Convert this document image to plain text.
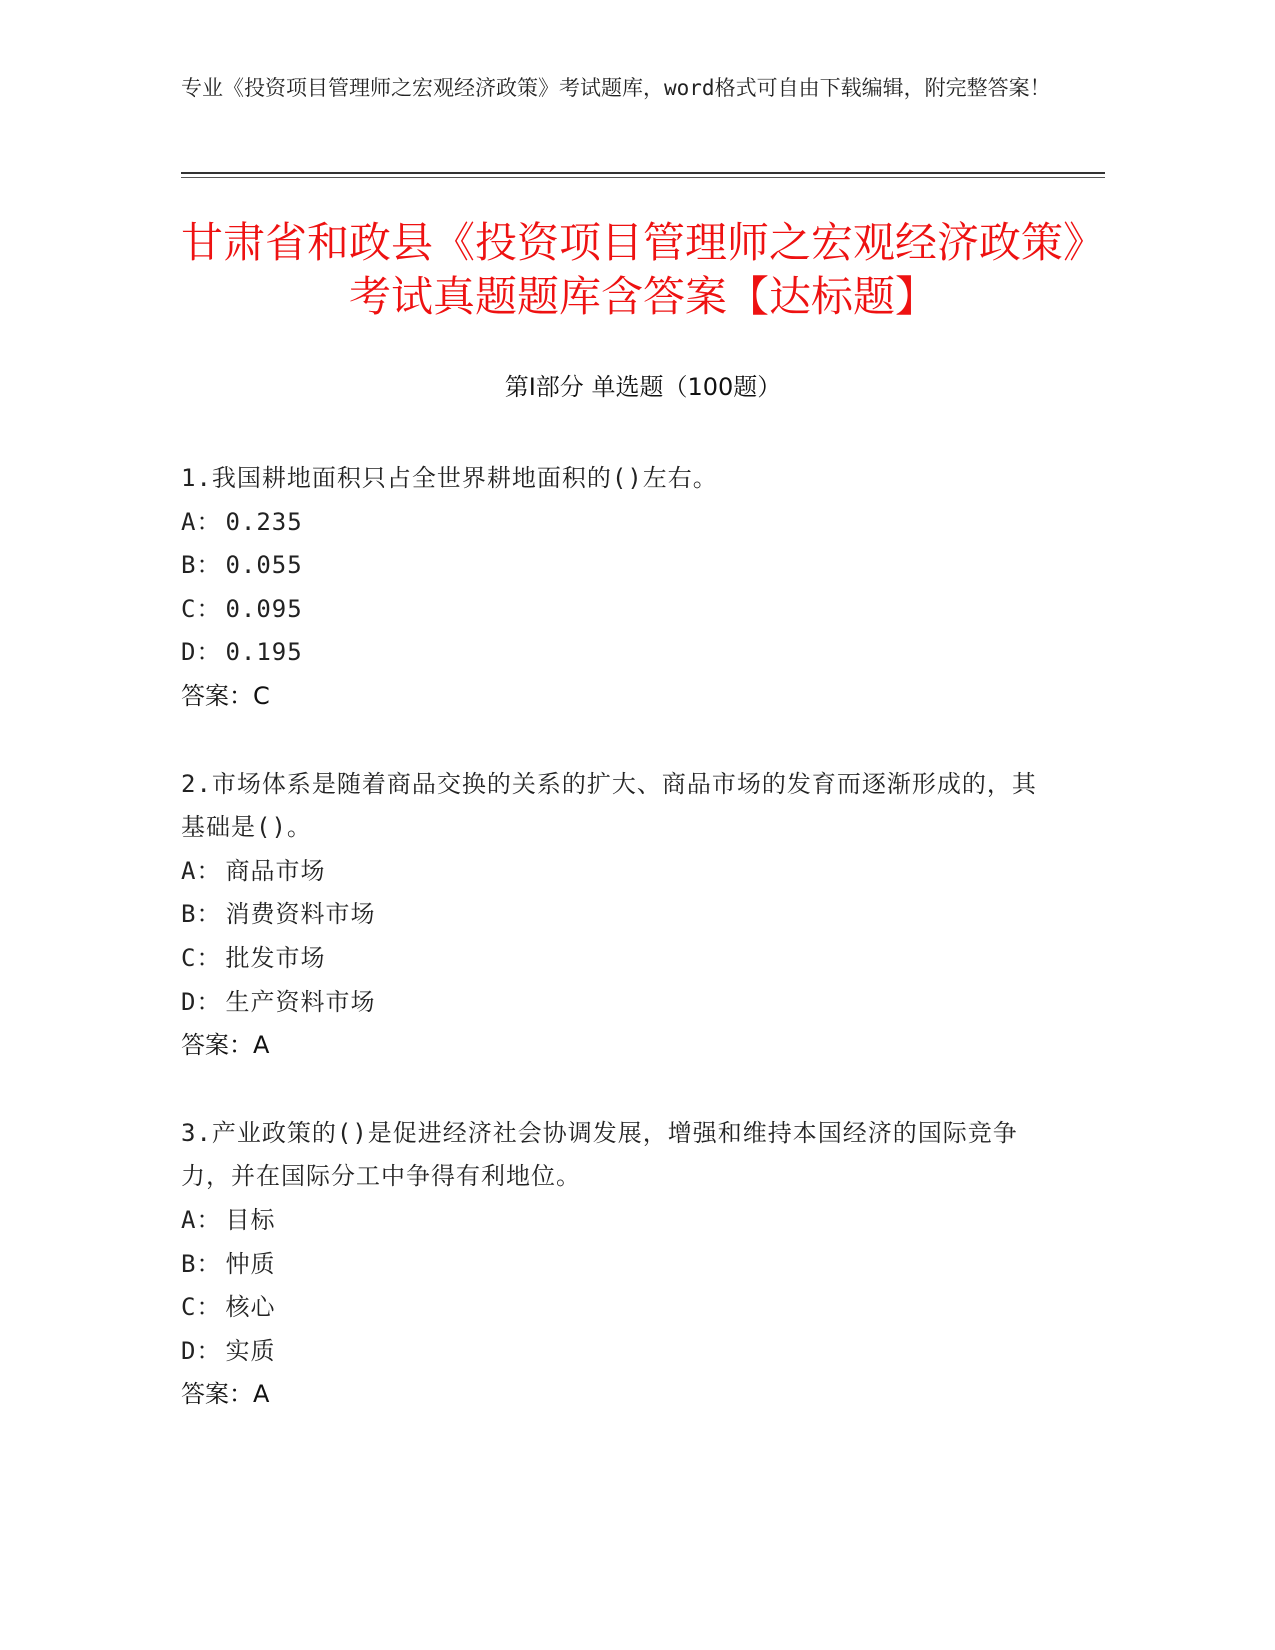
专业《投资项目管理师之宏观经济政策》考试题库，word格式可自由下载编辑，附完整答案！
甘肃省和政县《投资项目管理师之宏观经济政策》考试真题题库含答案【达标题】
第Ⅰ部分 单选题（100题）
1.我国耕地面积只占全世界耕地面积的()左右。
A： 0.235
B： 0.055
C： 0.095
D： 0.195
答案：C
2.市场体系是随着商品交换的关系的扩大、商品市场的发育而逐渐形成的，其基础是()。
A： 商品市场
B： 消费资料市场
C： 批发市场
D： 生产资料市场
答案：A
3.产业政策的()是促进经济社会协调发展，增强和维持本国经济的国际竞争力，并在国际分工中争得有利地位。
A： 目标
B： 忡质
C： 核心
D： 实质
答案：A
